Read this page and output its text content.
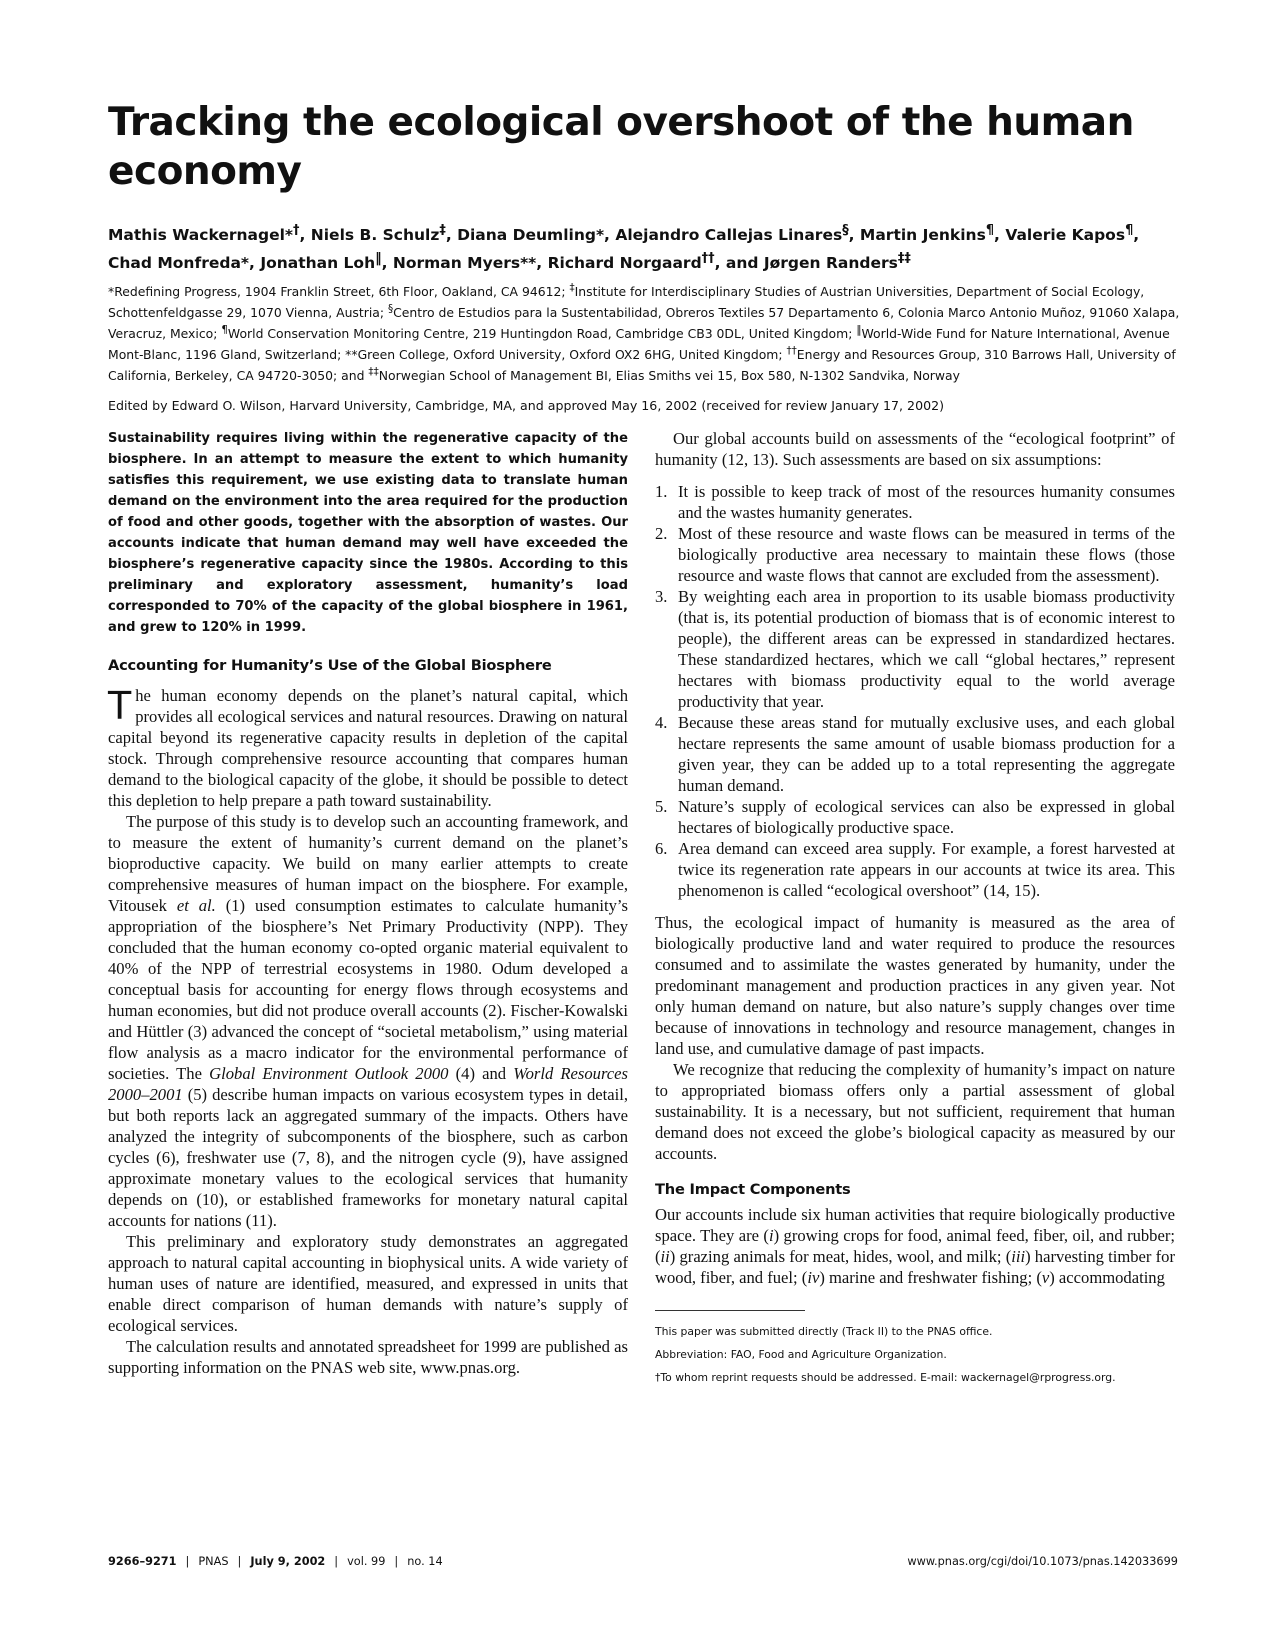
Tracking the ecological overshoot of the human economy
Mathis Wackernagel*†, Niels B. Schulz‡, Diana Deumling*, Alejandro Callejas Linares§, Martin Jenkins¶, Valerie Kapos¶, Chad Monfreda*, Jonathan Loh‖, Norman Myers**, Richard Norgaard††, and Jørgen Randers‡‡
*Redefining Progress, 1904 Franklin Street, 6th Floor, Oakland, CA 94612; ‡Institute for Interdisciplinary Studies of Austrian Universities, Department of Social Ecology, Schottenfeldgasse 29, 1070 Vienna, Austria; §Centro de Estudios para la Sustentabilidad, Obreros Textiles 57 Departamento 6, Colonia Marco Antonio Muñoz, 91060 Xalapa, Veracruz, Mexico; ¶World Conservation Monitoring Centre, 219 Huntingdon Road, Cambridge CB3 0DL, United Kingdom; ‖World-Wide Fund for Nature International, Avenue Mont-Blanc, 1196 Gland, Switzerland; **Green College, Oxford University, Oxford OX2 6HG, United Kingdom; ††Energy and Resources Group, 310 Barrows Hall, University of California, Berkeley, CA 94720-3050; and ‡‡Norwegian School of Management BI, Elias Smiths vei 15, Box 580, N-1302 Sandvika, Norway
Edited by Edward O. Wilson, Harvard University, Cambridge, MA, and approved May 16, 2002 (received for review January 17, 2002)

Sustainability requires living within the regenerative capacity of the biosphere. In an attempt to measure the extent to which humanity satisfies this requirement, we use existing data to translate human demand on the environment into the area required for the production of food and other goods, together with the absorption of wastes. Our accounts indicate that human demand may well have exceeded the biosphere’s regenerative capacity since the 1980s. According to this preliminary and exploratory assessment, humanity’s load corresponded to 70% of the capacity of the global biosphere in 1961, and grew to 120% in 1999.

Accounting for Humanity’s Use of the Global Biosphere

The human economy depends on the planet’s natural capital, which provides all ecological services and natural resources. Drawing on natural capital beyond its regenerative capacity results in depletion of the capital stock. Through comprehensive resource accounting that compares human demand to the biological capacity of the globe, it should be possible to detect this depletion to help prepare a path toward sustainability.

The purpose of this study is to develop such an accounting framework, and to measure the extent of humanity’s current demand on the planet’s bioproductive capacity. We build on many earlier attempts to create comprehensive measures of human impact on the biosphere. For example, Vitousek et al. (1) used consumption estimates to calculate humanity’s appropriation of the biosphere’s Net Primary Productivity (NPP). They concluded that the human economy co-opted organic material equivalent to 40% of the NPP of terrestrial ecosystems in 1980. Odum developed a conceptual basis for accounting for energy flows through ecosystems and human economies, but did not produce overall accounts (2). Fischer-Kowalski and Hüttler (3) advanced the concept of “societal metabolism,” using material flow analysis as a macro indicator for the environmental performance of societies. The Global Environment Outlook 2000 (4) and World Resources 2000–2001 (5) describe human impacts on various ecosystem types in detail, but both reports lack an aggregated summary of the impacts. Others have analyzed the integrity of subcomponents of the biosphere, such as carbon cycles (6), freshwater use (7, 8), and the nitrogen cycle (9), have assigned approximate monetary values to the ecological services that humanity depends on (10), or established frameworks for monetary natural capital accounts for nations (11).

This preliminary and exploratory study demonstrates an aggregated approach to natural capital accounting in biophysical units. A wide variety of human uses of nature are identified, measured, and expressed in units that enable direct comparison of human demands with nature’s supply of ecological services.

The calculation results and annotated spreadsheet for 1999 are published as supporting information on the PNAS web site, www.pnas.org.

Our global accounts build on assessments of the “ecological footprint” of humanity (12, 13). Such assessments are based on six assumptions:

1. It is possible to keep track of most of the resources humanity consumes and the wastes humanity generates.
2. Most of these resource and waste flows can be measured in terms of the biologically productive area necessary to maintain these flows (those resource and waste flows that cannot are excluded from the assessment).
3. By weighting each area in proportion to its usable biomass productivity (that is, its potential production of biomass that is of economic interest to people), the different areas can be expressed in standardized hectares. These standardized hectares, which we call “global hectares,” represent hectares with biomass productivity equal to the world average productivity that year.
4. Because these areas stand for mutually exclusive uses, and each global hectare represents the same amount of usable biomass production for a given year, they can be added up to a total representing the aggregate human demand.
5. Nature’s supply of ecological services can also be expressed in global hectares of biologically productive space.
6. Area demand can exceed area supply. For example, a forest harvested at twice its regeneration rate appears in our accounts at twice its area. This phenomenon is called “ecological overshoot” (14, 15).

Thus, the ecological impact of humanity is measured as the area of biologically productive land and water required to produce the resources consumed and to assimilate the wastes generated by humanity, under the predominant management and production practices in any given year. Not only human demand on nature, but also nature’s supply changes over time because of innovations in technology and resource management, changes in land use, and cumulative damage of past impacts.

We recognize that reducing the complexity of humanity’s impact on nature to appropriated biomass offers only a partial assessment of global sustainability. It is a necessary, but not sufficient, requirement that human demand does not exceed the globe’s biological capacity as measured by our accounts.

The Impact Components

Our accounts include six human activities that require biologically productive space. They are (i) growing crops for food, animal feed, fiber, oil, and rubber; (ii) grazing animals for meat, hides, wool, and milk; (iii) harvesting timber for wood, fiber, and fuel; (iv) marine and freshwater fishing; (v) accommodating

This paper was submitted directly (Track II) to the PNAS office.

Abbreviation: FAO, Food and Agriculture Organization.

†To whom reprint requests should be addressed. E-mail: wackernagel@rprogress.org.

9266–9271 | PNAS | July 9, 2002 | vol. 99 | no. 14	www.pnas.org/cgi/doi/10.1073/pnas.142033699
